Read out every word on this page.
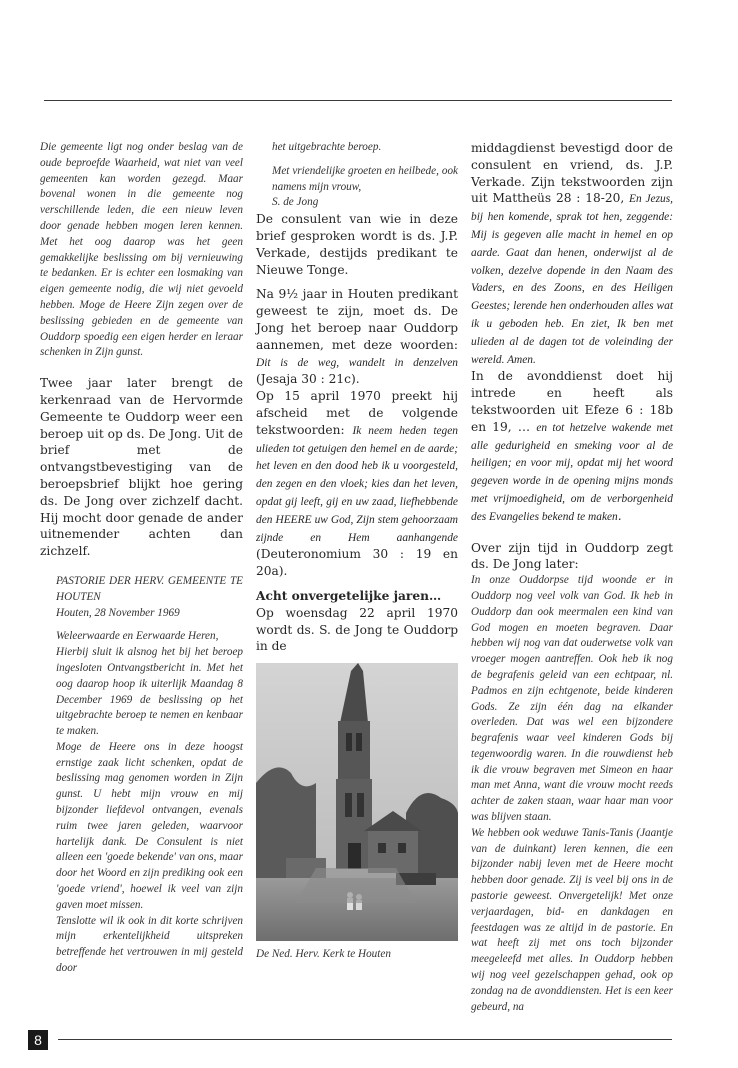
Die gemeente ligt nog onder beslag van de oude beproefde Waarheid, wat niet van veel gemeenten kan worden gezegd. Maar bovenal wonen in die gemeente nog verschillende leden, die een nieuw leven door genade hebben mogen leren kennen. Met het oog daarop was het geen gemakkelijke beslissing om bij vernieuwing te bedanken. Er is echter een losmaking van eigen gemeente nodig, die wij niet gevoeld hebben. Moge de Heere Zijn zegen over de beslissing gebieden en de gemeente van Ouddorp spoedig een eigen herder en leraar schenken in Zijn gunst.

Twee jaar later brengt de kerkenraad van de Hervormde Gemeente te Ouddorp weer een beroep uit op ds. De Jong. Uit de brief met de ontvangstbevestiging van de beroepsbrief blijkt hoe gering ds. De Jong over zichzelf dacht. Hij mocht door genade de ander uitnemender achten dan zichzelf.

PASTORIE DER HERV. GEMEENTE TE HOUTEN

Houten, 28 November 1969

Weleerwaarde en Eerwaarde Heren,

Hierbij sluit ik alsnog het bij het beroep ingesloten Ontvangstbericht in. Met het oog daarop hoop ik uiterlijk Maandag 8 December 1969 de beslissing op het uitgebrachte beroep te nemen en kenbaar te maken.

Moge de Heere ons in deze hoogst ernstige zaak licht schenken, opdat de beslissing mag genomen worden in Zijn gunst. U hebt mijn vrouw en mij bijzonder liefdevol ontvangen, evenals ruim twee jaren geleden, waarvoor hartelijk dank. De Consulent is niet alleen een 'goede bekende' van ons, maar door het Woord en zijn prediking ook een 'goede vriend', hoewel ik veel van zijn gaven moet missen.

Tenslotte wil ik ook in dit korte schrijven mijn erkentelijkheid uitspreken betreffende het vertrouwen in mij gesteld door

het uitgebrachte beroep.

Met vriendelijke groeten en heilbede, ook namens mijn vrouw,

S. de Jong

De consulent van wie in deze brief gesproken wordt is ds. J.P. Verkade, destijds predikant te Nieuwe Tonge.

Na 9½ jaar in Houten predikant geweest te zijn, moet ds. De Jong het beroep naar Ouddorp aannemen, met deze woorden: Dit is de weg, wandelt in denzelven (Jesaja 30 : 21c).

Op 15 april 1970 preekt hij afscheid met de volgende tekstwoorden: Ik neem heden tegen ulieden tot getuigen den hemel en de aarde; het leven en den dood heb ik u voorgesteld, den zegen en den vloek; kies dan het leven, opdat gij leeft, gij en uw zaad, liefhebbende den HEERE uw God, Zijn stem gehoorzaam zijnde en Hem aanhangende (Deuteronomium 30 : 19 en 20a).

Acht onvergetelijke jaren…

Op woensdag 22 april 1970 wordt ds. S. de Jong te Ouddorp in de

De Ned. Herv. Kerk te Houten

middagdienst bevestigd door de consulent en vriend, ds. J.P. Verkade. Zijn tekstwoorden zijn uit Mattheüs 28 : 18-20, En Jezus, bij hen komende, sprak tot hen, zeggende: Mij is gegeven alle macht in hemel en op aarde. Gaat dan henen, onderwijst al de volken, dezelve dopende in den Naam des Vaders, en des Zoons, en des Heiligen Geestes; lerende hen onderhouden alles wat ik u geboden heb. En ziet, Ik ben met ulieden al de dagen tot de voleinding der wereld. Amen.

In de avonddienst doet hij intrede en heeft als tekstwoorden uit Efeze 6 : 18b en 19, … en tot hetzelve wakende met alle gedurigheid en smeking voor al de heiligen; en voor mij, opdat mij het woord gegeven worde in de opening mijns monds met vrijmoedigheid, om de verborgenheid des Evangelies bekend te maken.

Over zijn tijd in Ouddorp zegt ds. De Jong later:

In onze Ouddorpse tijd woonde er in Ouddorp nog veel volk van God. Ik heb in Ouddorp dan ook meermalen een kind van God mogen en moeten begraven. Daar hebben wij nog van dat ouderwetse volk van vroeger mogen aantreffen. Ook heb ik nog de begrafenis geleid van een echtpaar, nl. Padmos en zijn echtgenote, beide kinderen Gods. Ze zijn één dag na elkander overleden. Dat was wel een bijzondere begrafenis waar veel kinderen Gods bij tegenwoordig waren. In die rouwdienst heb ik die vrouw begraven met Simeon en haar man met Anna, want die vrouw mocht reeds achter de zaken staan, waar haar man voor was blijven staan.

We hebben ook weduwe Tanis-Tanis (Jaantje van de duinkant) leren kennen, die een bijzonder nabij leven met de Heere mocht hebben door genade. Zij is veel bij ons in de pastorie geweest. Onvergetelijk! Met onze verjaardagen, bid- en dankdagen en feestdagen was ze altijd in de pastorie. En wat heeft zij met ons toch bijzonder meegeleefd met alles. In Ouddorp hebben wij nog veel gezelschappen gehad, ook op zondag na de avonddiensten. Het is een keer gebeurd, na

8
